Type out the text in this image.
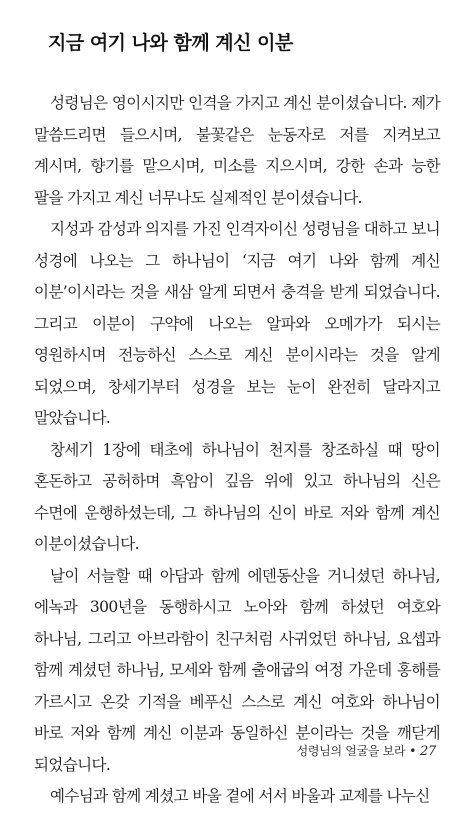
지금 여기 나와 함께 계신 이분

성령님은 영이시지만 인격을 가지고 계신 분이셨습니다. 제가 말씀드리면 들으시며, 불꽃같은 눈동자로 저를 지켜보고 계시며, 향기를 맡으시며, 미소를 지으시며, 강한 손과 능한 팔을 가지고 계신 너무나도 실제적인 분이셨습니다.

지성과 감성과 의지를 가진 인격자이신 성령님을 대하고 보니 성경에 나오는 그 하나님이 ‘지금 여기 나와 함께 계신 이분’이시라는 것을 새삼 알게 되면서 충격을 받게 되었습니다. 그리고 이분이 구약에 나오는 알파와 오메가가 되시는 영원하시며 전능하신 스스로 계신 분이시라는 것을 알게 되었으며, 창세기부터 성경을 보는 눈이 완전히 달라지고 말았습니다.

창세기 1장에 태초에 하나님이 천지를 창조하실 때 땅이 혼돈하고 공허하며 흑암이 깊음 위에 있고 하나님의 신은 수면에 운행하셨는데, 그 하나님의 신이 바로 저와 함께 계신 이분이셨습니다.

날이 서늘할 때 아담과 함께 에덴동산을 거니셨던 하나님, 에녹과 300년을 동행하시고 노아와 함께 하셨던 여호와 하나님, 그리고 아브라함이 친구처럼 사귀었던 하나님, 요셉과 함께 계셨던 하나님, 모세와 함께 출애굽의 여정 가운데 홍해를 가르시고 온갖 기적을 베푸신 스스로 계신 여호와 하나님이 바로 저와 함께 계신 이분과 동일하신 분이라는 것을 깨닫게 되었습니다.

예수님과 함께 계셨고 바울 곁에 서서 바울과 교제를 나누신

성령님의 얼굴을 보라 • 27
